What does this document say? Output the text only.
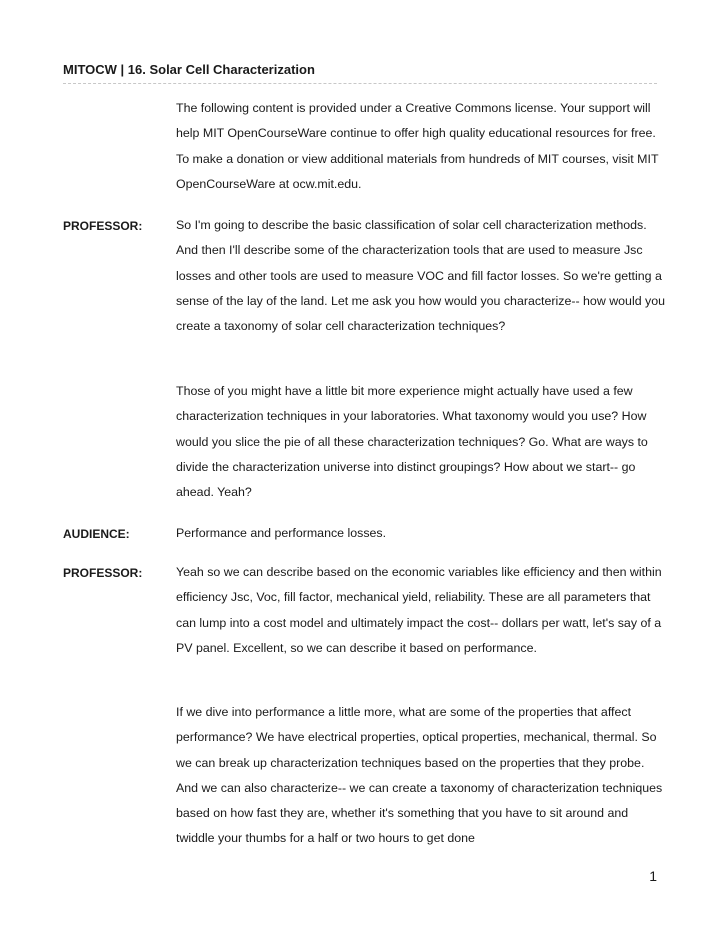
MITOCW | 16. Solar Cell Characterization
The following content is provided under a Creative Commons license. Your support will help MIT OpenCourseWare continue to offer high quality educational resources for free. To make a donation or view additional materials from hundreds of MIT courses, visit MIT OpenCourseWare at ocw.mit.edu.
PROFESSOR:	So I'm going to describe the basic classification of solar cell characterization methods. And then I'll describe some of the characterization tools that are used to measure Jsc losses and other tools are used to measure VOC and fill factor losses. So we're getting a sense of the lay of the land. Let me ask you how would you characterize-- how would you create a taxonomy of solar cell characterization techniques?
Those of you might have a little bit more experience might actually have used a few characterization techniques in your laboratories. What taxonomy would you use? How would you slice the pie of all these characterization techniques? Go. What are ways to divide the characterization universe into distinct groupings? How about we start-- go ahead. Yeah?
AUDIENCE:	Performance and performance losses.
PROFESSOR:	Yeah so we can describe based on the economic variables like efficiency and then within efficiency Jsc, Voc, fill factor, mechanical yield, reliability. These are all parameters that can lump into a cost model and ultimately impact the cost-- dollars per watt, let's say of a PV panel. Excellent, so we can describe it based on performance.
If we dive into performance a little more, what are some of the properties that affect performance? We have electrical properties, optical properties, mechanical, thermal. So we can break up characterization techniques based on the properties that they probe. And we can also characterize-- we can create a taxonomy of characterization techniques based on how fast they are, whether it's something that you have to sit around and twiddle your thumbs for a half or two hours to get done
1
